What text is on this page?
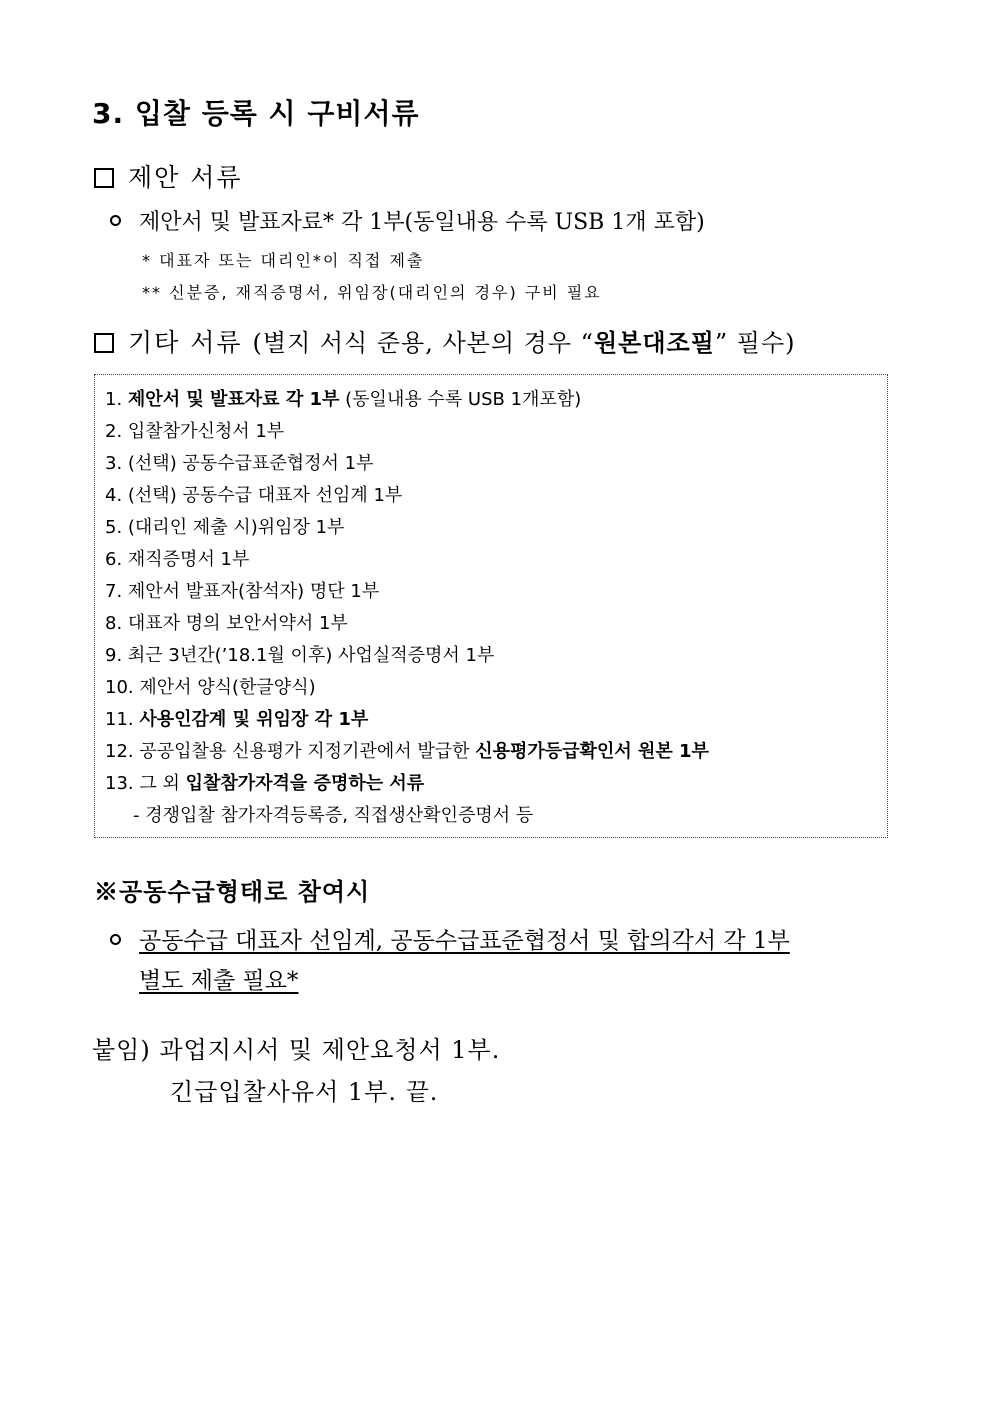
3. 입찰 등록 시 구비서류
제안 서류
제안서 및 발표자료* 각 1부(동일내용 수록 USB 1개 포함)
* 대표자 또는 대리인*이 직접 제출
** 신분증, 재직증명서, 위임장(대리인의 경우) 구비 필요
기타 서류 (별지 서식 준용, 사본의 경우 “원본대조필” 필수)
1. 제안서 및 발표자료 각 1부 (동일내용 수록 USB 1개포함)
2. 입찰참가신청서 1부
3. (선택) 공동수급표준협정서 1부
4. (선택) 공동수급 대표자 선임계 1부
5. (대리인 제출 시)위임장 1부
6. 재직증명서 1부
7. 제안서 발표자(참석자) 명단 1부
8. 대표자 명의 보안서약서 1부
9. 최근 3년간(’18.1월 이후) 사업실적증명서 1부
10. 제안서 양식(한글양식)
11. 사용인감계 및 위임장 각 1부
12. 공공입찰용 신용평가 지정기관에서 발급한 신용평가등급확인서 원본 1부
13. 그 외 입찰참가자격을 증명하는 서류
- 경쟁입찰 참가자격등록증, 직접생산확인증명서 등
※공동수급형태로 참여시
공동수급 대표자 선임계, 공동수급표준협정서 및 합의각서 각 1부
별도 제출 필요*
붙임) 과업지시서 및 제안요청서 1부.
긴급입찰사유서 1부. 끝.
